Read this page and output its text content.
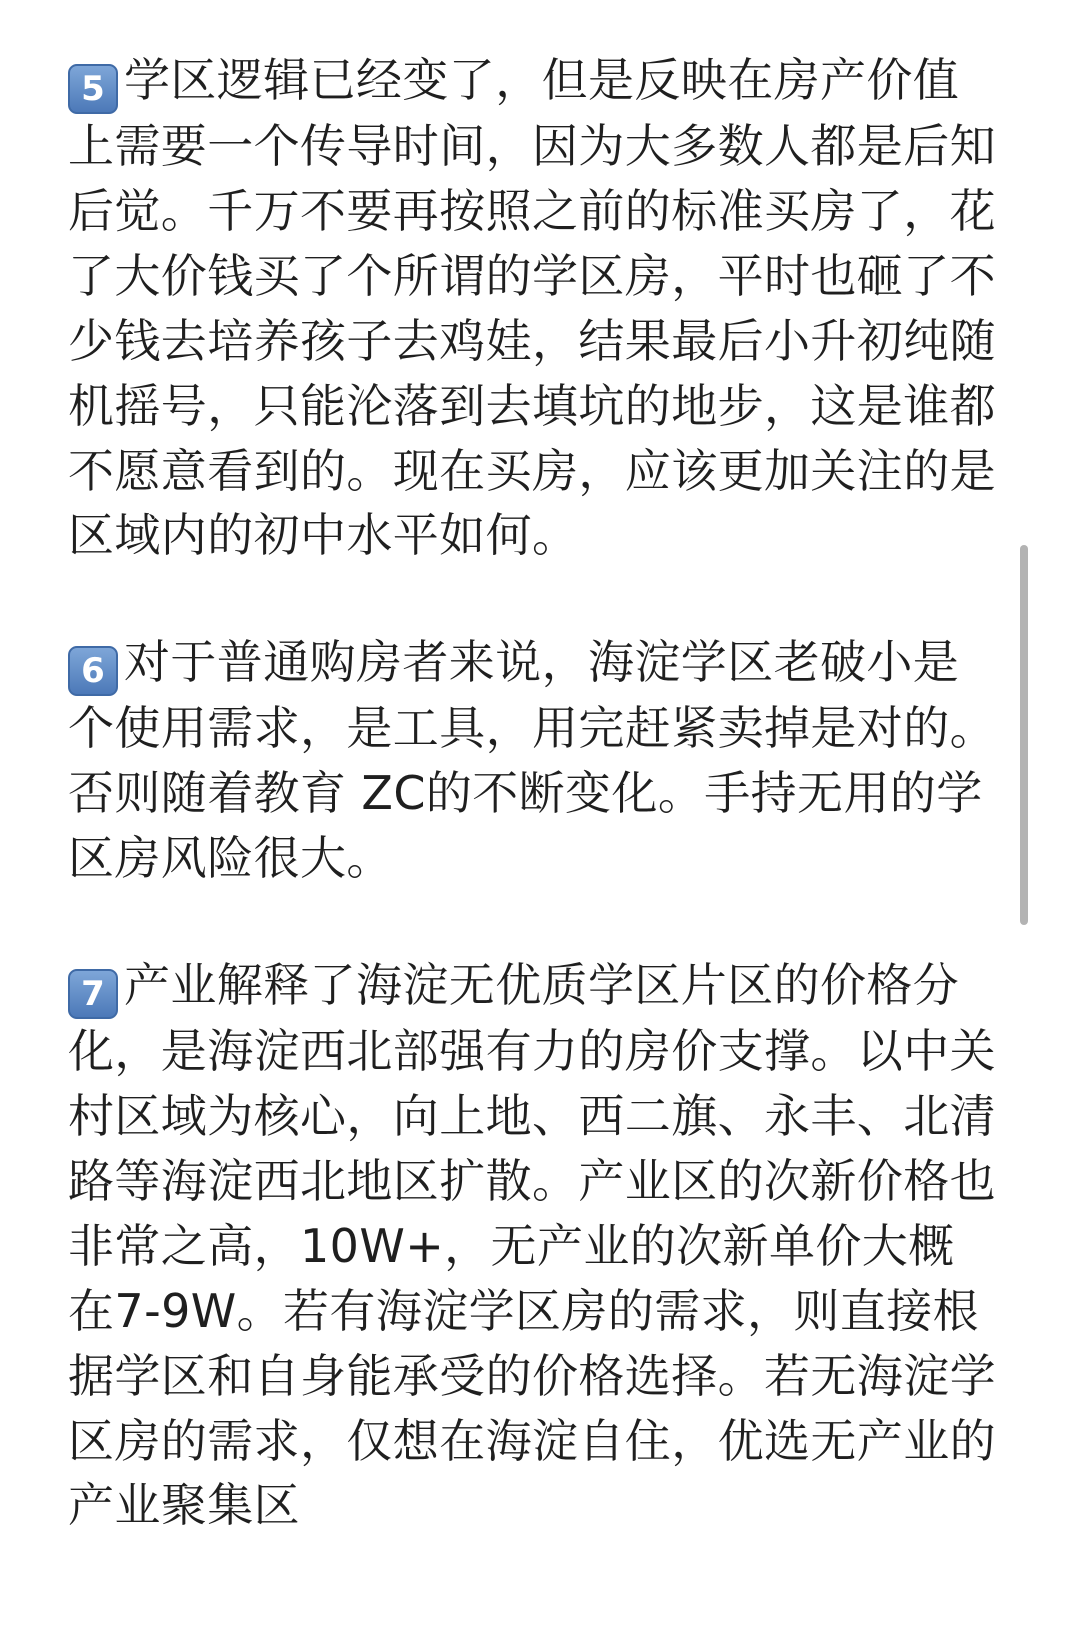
5 学区逻辑已经变了，但是反映在房产价值上需要一个传导时间，因为大多数人都是后知后觉。千万不要再按照之前的标准买房了，花了大价钱买了个所谓的学区房，平时也砸了不少钱去培养孩子去鸡娃，结果最后小升初纯随机摇号，只能沦落到去填坑的地步，这是谁都不愿意看到的。现在买房，应该更加关注的是区域内的初中水平如何。

6 对于普通购房者来说，海淀学区老破小是个使用需求，是工具，用完赶紧卖掉是对的。否则随着教育 ZC的不断变化。手持无用的学区房风险很大。

7 产业解释了海淀无优质学区片区的价格分化，是海淀西北部强有力的房价支撑。以中关村区域为核心，向上地、西二旗、永丰、北清路等海淀西北地区扩散。产业区的次新价格也非常之高，10W+，无产业的次新单价大概在7-9W。若有海淀学区房的需求，则直接根据学区和自身能承受的价格选择。若无海淀学区房的需求，仅想在海淀自住，优选无产业的产业聚集区
